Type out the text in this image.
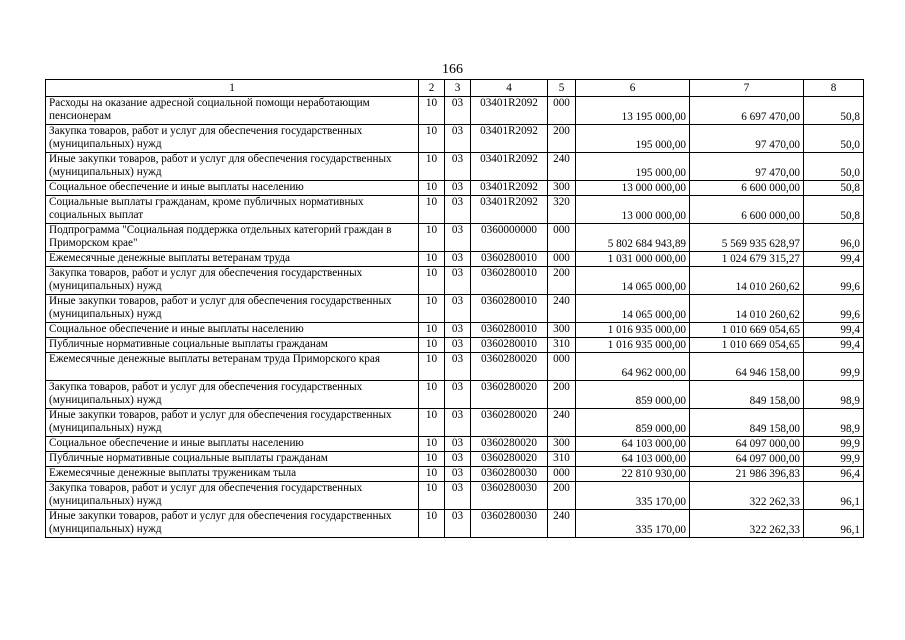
166
1	2	3	4	5	6	7	8
Расходы на оказание адресной социальной помощи неработающим пенсионерам	10	03	03401R2092	000	13 195 000,00	6 697 470,00	50,8
Закупка товаров, работ и услуг для обеспечения государственных (муниципальных) нужд	10	03	03401R2092	200	195 000,00	97 470,00	50,0
Иные закупки товаров, работ и услуг для обеспечения государственных (муниципальных) нужд	10	03	03401R2092	240	195 000,00	97 470,00	50,0
Социальное обеспечение и иные выплаты населению	10	03	03401R2092	300	13 000 000,00	6 600 000,00	50,8
Социальные выплаты гражданам, кроме публичных нормативных социальных выплат	10	03	03401R2092	320	13 000 000,00	6 600 000,00	50,8
Подпрограмма "Социальная поддержка отдельных категорий граждан в Приморском крае"	10	03	0360000000	000	5 802 684 943,89	5 569 935 628,97	96,0
Ежемесячные денежные выплаты ветеранам труда	10	03	0360280010	000	1 031 000 000,00	1 024 679 315,27	99,4
Закупка товаров, работ и услуг для обеспечения государственных (муниципальных) нужд	10	03	0360280010	200	14 065 000,00	14 010 260,62	99,6
Иные закупки товаров, работ и услуг для обеспечения государственных (муниципальных) нужд	10	03	0360280010	240	14 065 000,00	14 010 260,62	99,6
Социальное обеспечение и иные выплаты населению	10	03	0360280010	300	1 016 935 000,00	1 010 669 054,65	99,4
Публичные нормативные социальные выплаты гражданам	10	03	0360280010	310	1 016 935 000,00	1 010 669 054,65	99,4
Ежемесячные денежные выплаты ветеранам труда Приморского края	10	03	0360280020	000	64 962 000,00	64 946 158,00	99,9
Закупка товаров, работ и услуг для обеспечения государственных (муниципальных) нужд	10	03	0360280020	200	859 000,00	849 158,00	98,9
Иные закупки товаров, работ и услуг для обеспечения государственных (муниципальных) нужд	10	03	0360280020	240	859 000,00	849 158,00	98,9
Социальное обеспечение и иные выплаты населению	10	03	0360280020	300	64 103 000,00	64 097 000,00	99,9
Публичные нормативные социальные выплаты гражданам	10	03	0360280020	310	64 103 000,00	64 097 000,00	99,9
Ежемесячные денежные выплаты труженикам тыла	10	03	0360280030	000	22 810 930,00	21 986 396,83	96,4
Закупка товаров, работ и услуг для обеспечения государственных (муниципальных) нужд	10	03	0360280030	200	335 170,00	322 262,33	96,1
Иные закупки товаров, работ и услуг для обеспечения государственных (муниципальных) нужд	10	03	0360280030	240	335 170,00	322 262,33	96,1
